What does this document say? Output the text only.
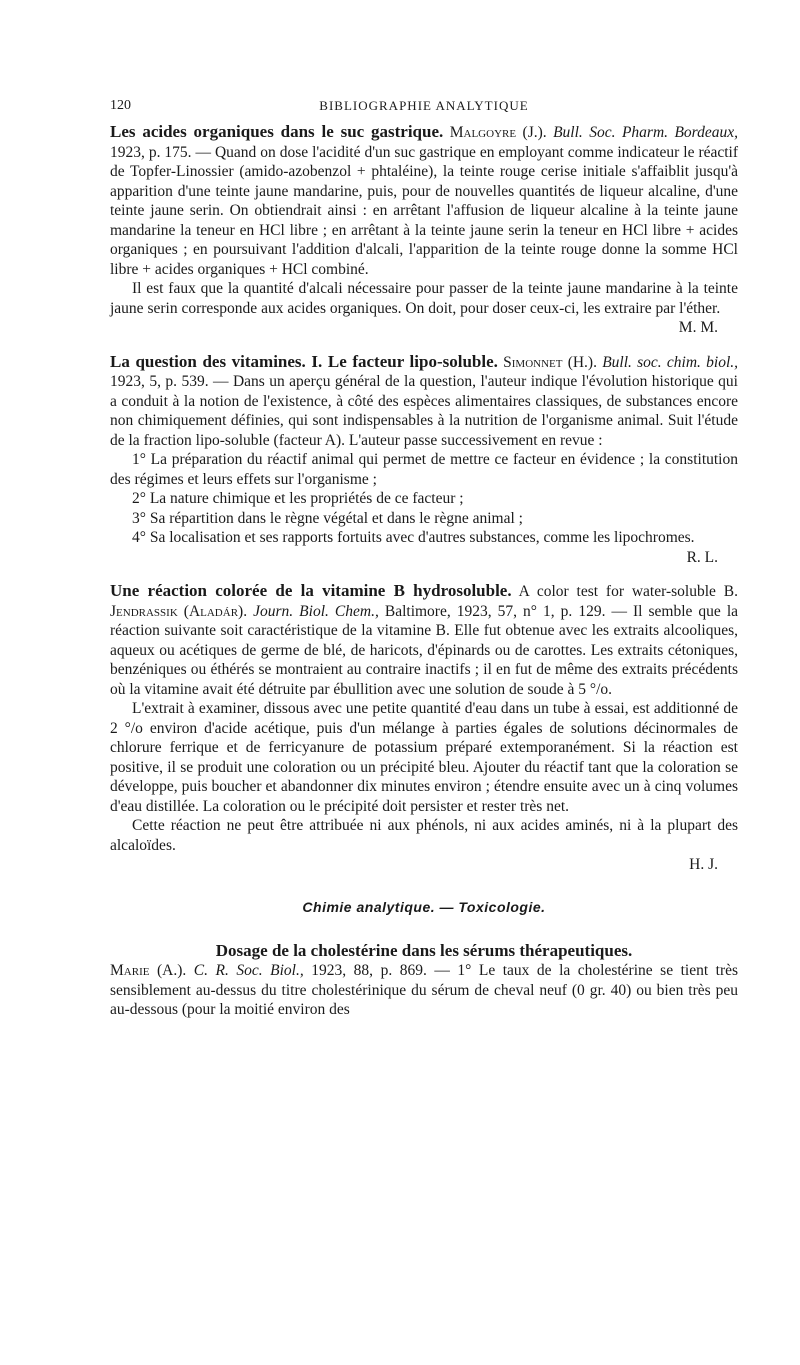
120	BIBLIOGRAPHIE ANALYTIQUE

Les acides organiques dans le suc gastrique. Malgoyre (J.). Bull. Soc. Pharm. Bordeaux, 1923, p. 175. — Quand on dose l'acidité d'un suc gastrique en employant comme indicateur le réactif de Topfer-Linossier (amido-azobenzol + phtaléine), la teinte rouge cerise initiale s'affaiblit jusqu'à apparition d'une teinte jaune mandarine, puis, pour de nouvelles quantités de liqueur alcaline, d'une teinte jaune serin. On obtiendrait ainsi : en arrêtant l'affusion de liqueur alcaline à la teinte jaune mandarine la teneur en HCl libre ; en arrêtant à la teinte jaune serin la teneur en HCl libre + acides organiques ; en poursuivant l'addition d'alcali, l'apparition de la teinte rouge donne la somme HCl libre + acides organiques + HCl combiné.

Il est faux que la quantité d'alcali nécessaire pour passer de la teinte jaune mandarine à la teinte jaune serin corresponde aux acides organiques. On doit, pour doser ceux-ci, les extraire par l'éther.
M. M.

La question des vitamines. I. Le facteur lipo-soluble. Simonnet (H.). Bull. soc. chim. biol., 1923, 5, p. 539. — Dans un aperçu général de la question, l'auteur indique l'évolution historique qui a conduit à la notion de l'existence, à côté des espèces alimentaires classiques, de substances encore non chimiquement définies, qui sont indispensables à la nutrition de l'organisme animal. Suit l'étude de la fraction lipo-soluble (facteur A). L'auteur passe successivement en revue :

1° La préparation du réactif animal qui permet de mettre ce facteur en évidence ; la constitution des régimes et leurs effets sur l'organisme ;

2° La nature chimique et les propriétés de ce facteur ;

3° Sa répartition dans le règne végétal et dans le règne animal ;

4° Sa localisation et ses rapports fortuits avec d'autres substances, comme les lipochromes.
R. L.

Une réaction colorée de la vitamine B hydrosoluble. A color test for water-soluble B. Jendrassik (Aladár). Journ. Biol. Chem., Baltimore, 1923, 57, n° 1, p. 129. — Il semble que la réaction suivante soit caractéristique de la vitamine B. Elle fut obtenue avec les extraits alcooliques, aqueux ou acétiques de germe de blé, de haricots, d'épinards ou de carottes. Les extraits cétoniques, benzéniques ou éthérés se montraient au contraire inactifs ; il en fut de même des extraits précédents où la vitamine avait été détruite par ébullition avec une solution de soude à 5 °/o.

L'extrait à examiner, dissous avec une petite quantité d'eau dans un tube à essai, est additionné de 2 °/o environ d'acide acétique, puis d'un mélange à parties égales de solutions décinormales de chlorure ferrique et de ferricyanure de potassium préparé extemporanément. Si la réaction est positive, il se produit une coloration ou un précipité bleu. Ajouter du réactif tant que la coloration se développe, puis boucher et abandonner dix minutes environ ; étendre ensuite avec un à cinq volumes d'eau distillée. La coloration ou le précipité doit persister et rester très net.

Cette réaction ne peut être attribuée ni aux phénols, ni aux acides aminés, ni à la plupart des alcaloïdes.
H. J.

Chimie analytique. — Toxicologie.

Dosage de la cholestérine dans les sérums thérapeutiques.

Marie (A.). C. R. Soc. Biol., 1923, 88, p. 869. — 1° Le taux de la cholestérine se tient très sensiblement au-dessus du titre cholestérinique du sérum de cheval neuf (0 gr. 40) ou bien très peu au-dessous (pour la moitié environ des
